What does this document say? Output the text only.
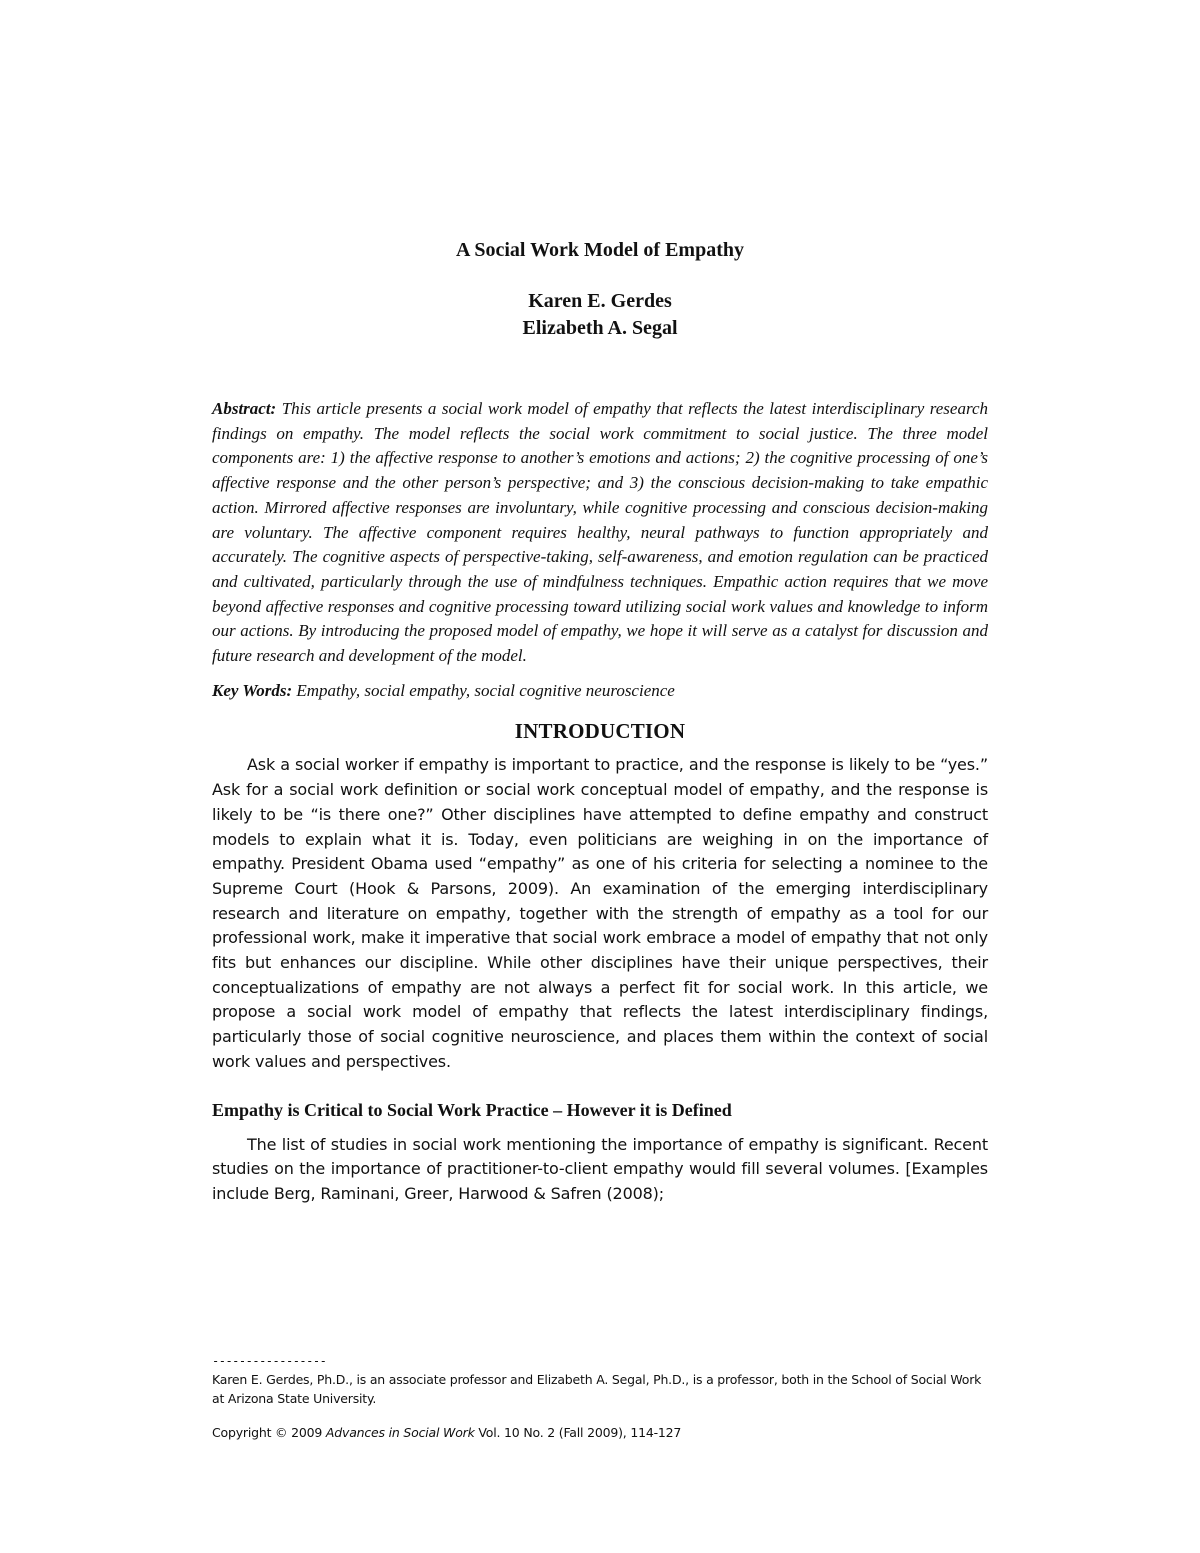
A Social Work Model of Empathy
Karen E. Gerdes
Elizabeth A. Segal

Abstract: This article presents a social work model of empathy that reflects the latest interdisciplinary research findings on empathy. The model reflects the social work commitment to social justice. The three model components are: 1) the affective response to another’s emotions and actions; 2) the cognitive processing of one’s affective response and the other person’s perspective; and 3) the conscious decision-making to take empathic action. Mirrored affective responses are involuntary, while cognitive processing and conscious decision-making are voluntary. The affective component requires healthy, neural pathways to function appropriately and accurately. The cognitive aspects of perspective-taking, self-awareness, and emotion regulation can be practiced and cultivated, particularly through the use of mindfulness techniques. Empathic action requires that we move beyond affective responses and cognitive processing toward utilizing social work values and knowledge to inform our actions. By introducing the proposed model of empathy, we hope it will serve as a catalyst for discussion and future research and development of the model.

Key Words: Empathy, social empathy, social cognitive neuroscience

INTRODUCTION

Ask a social worker if empathy is important to practice, and the response is likely to be “yes.” Ask for a social work definition or social work conceptual model of empathy, and the response is likely to be “is there one?” Other disciplines have attempted to define empathy and construct models to explain what it is. Today, even politicians are weighing in on the importance of empathy. President Obama used “empathy” as one of his criteria for selecting a nominee to the Supreme Court (Hook & Parsons, 2009). An examination of the emerging interdisciplinary research and literature on empathy, together with the strength of empathy as a tool for our professional work, make it imperative that social work embrace a model of empathy that not only fits but enhances our discipline. While other disciplines have their unique perspectives, their conceptualizations of empathy are not always a perfect fit for social work. In this article, we propose a social work model of empathy that reflects the latest interdisciplinary findings, particularly those of social cognitive neuroscience, and places them within the context of social work values and perspectives.

Empathy is Critical to Social Work Practice – However it is Defined

The list of studies in social work mentioning the importance of empathy is significant. Recent studies on the importance of practitioner-to-client empathy would fill several volumes. [Examples include Berg, Raminani, Greer, Harwood & Safren (2008);

-----------------

Karen E. Gerdes, Ph.D., is an associate professor and Elizabeth A. Segal, Ph.D., is a professor, both in the School of Social Work at Arizona State University.

Copyright © 2009 Advances in Social Work Vol. 10 No. 2 (Fall 2009), 114-127
